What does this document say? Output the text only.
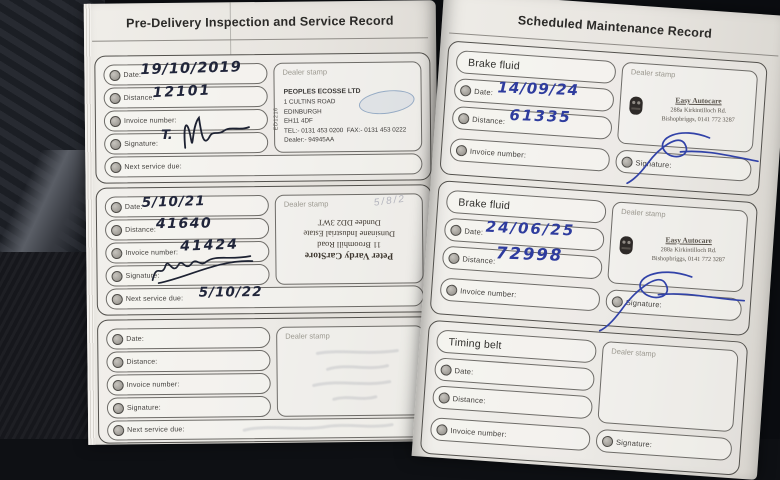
Pre-Delivery Inspection and Service Record
Date:
19/10/2019
Distance:
12101
Invoice number:
Signature:
T.
Dealer stamp
ED1216
PEOPLES ECOSSE LTD
1 CULTINS ROAD
EDINBURGH
EH11 4DF
TEL:- 0131 453 0200  FAX:- 0131 453 0222
Dealer:- 94945AA
Next service due:
Date:
5/10/21
Distance: 41640
Invoice number: 41424
Signature:
Dealer stamp	5/8/2
Peter Vardy CarStore
11 Broomhill Road
Dunsinane Industrial Estate
Dundee DD2 3WT
Next service due: 5/10/22
Date:
Distance:
Invoice number:
Signature:
Dealer stamp
Next service due:
Scheduled Maintenance Record
Brake fluid
Date: 14/09/24
Distance: 61335
Invoice number:
Dealer stamp
Easy Autocare
288a Kirkintilloch Rd.
Bishopbriggs, 0141 772 3287
Signature:
Brake fluid
Date: 24/06/25
Distance: 72998
Invoice number:
Dealer stamp
Easy Autocare
288a Kirkintilloch Rd.
Bishopbriggs, 0141 772 3287
Signature:
Timing belt
Date:
Distance:
Invoice number:
Dealer stamp
Signature:
